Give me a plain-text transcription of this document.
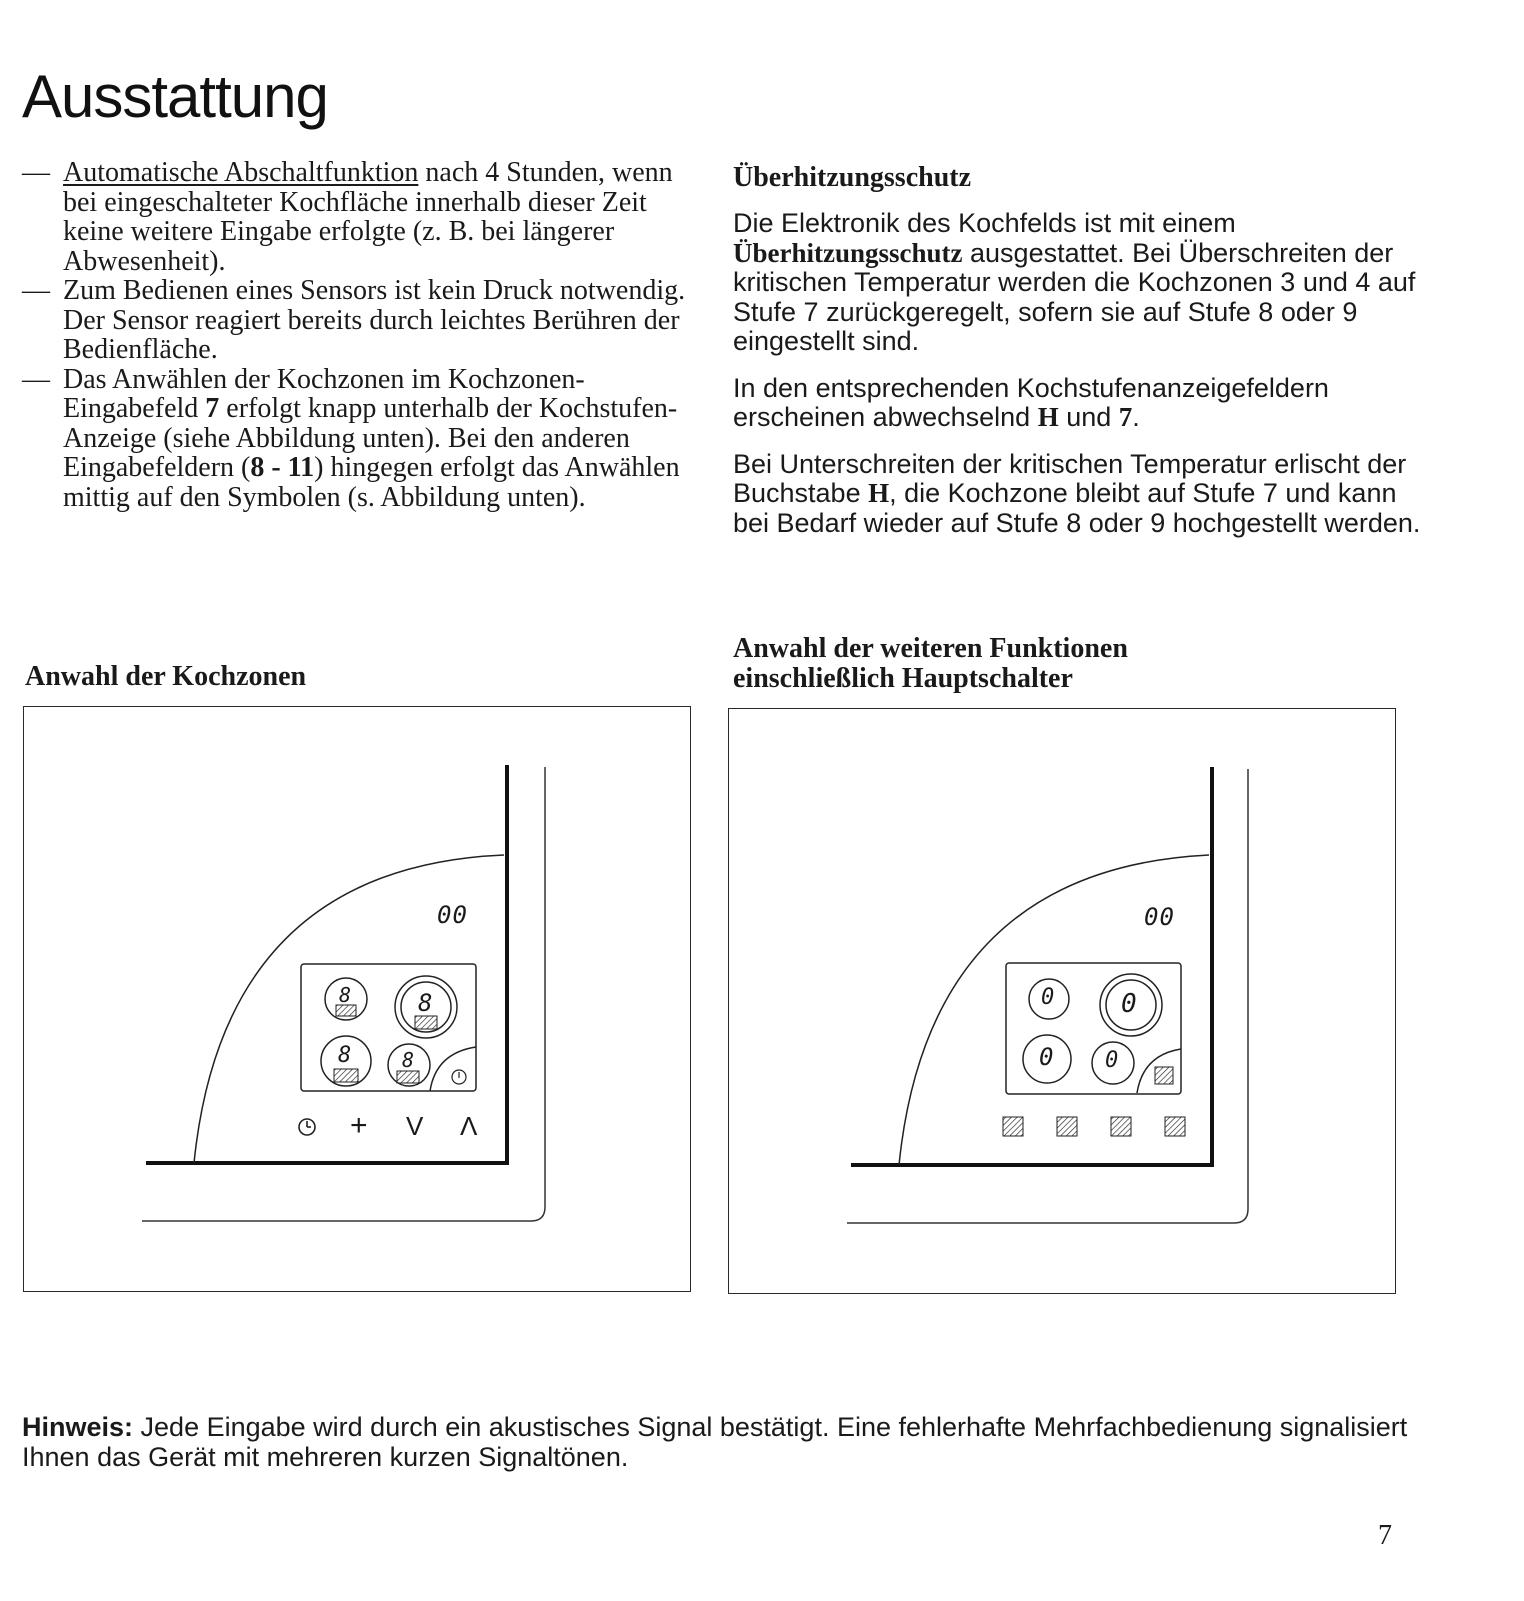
Ausstattung
— Automatische Abschaltfunktion nach 4 Stunden, wenn bei eingeschalteter Kochfläche innerhalb dieser Zeit keine weitere Eingabe erfolgte (z. B. bei längerer Abwesenheit).
— Zum Bedienen eines Sensors ist kein Druck notwendig. Der Sensor reagiert bereits durch leichtes Berühren der Bedienfläche.
— Das Anwählen der Kochzonen im Kochzonen-Eingabefeld 7 erfolgt knapp unterhalb der Kochstufen-Anzeige (siehe Abbildung unten). Bei den anderen Eingabefeldern (8 - 11) hingegen erfolgt das Anwählen mittig auf den Symbolen (s. Abbildung unten).
Überhitzungsschutz

Die Elektronik des Kochfelds ist mit einem Überhitzungsschutz ausgestattet. Bei Überschreiten der kritischen Temperatur werden die Kochzonen 3 und 4 auf Stufe 7 zurückgeregelt, sofern sie auf Stufe 8 oder 9 eingestellt sind.

In den entsprechenden Kochstufenanzeigefeldern erscheinen abwechselnd H und 7.

Bei Unterschreiten der kritischen Temperatur erlischt der Buchstabe H, die Kochzone bleibt auf Stufe 7 und kann bei Bedarf wieder auf Stufe 8 oder 9 hochgestellt werden.

Anwahl der Kochzonen
Anwahl der weiteren Funktionen
einschließlich Hauptschalter
00
8	8
8	8
+ V Λ
00
0	0
0 0
Hinweis: Jede Eingabe wird durch ein akustisches Signal bestätigt. Eine fehlerhafte Mehrfachbedienung signalisiert Ihnen das Gerät mit mehreren kurzen Signaltönen.
7
